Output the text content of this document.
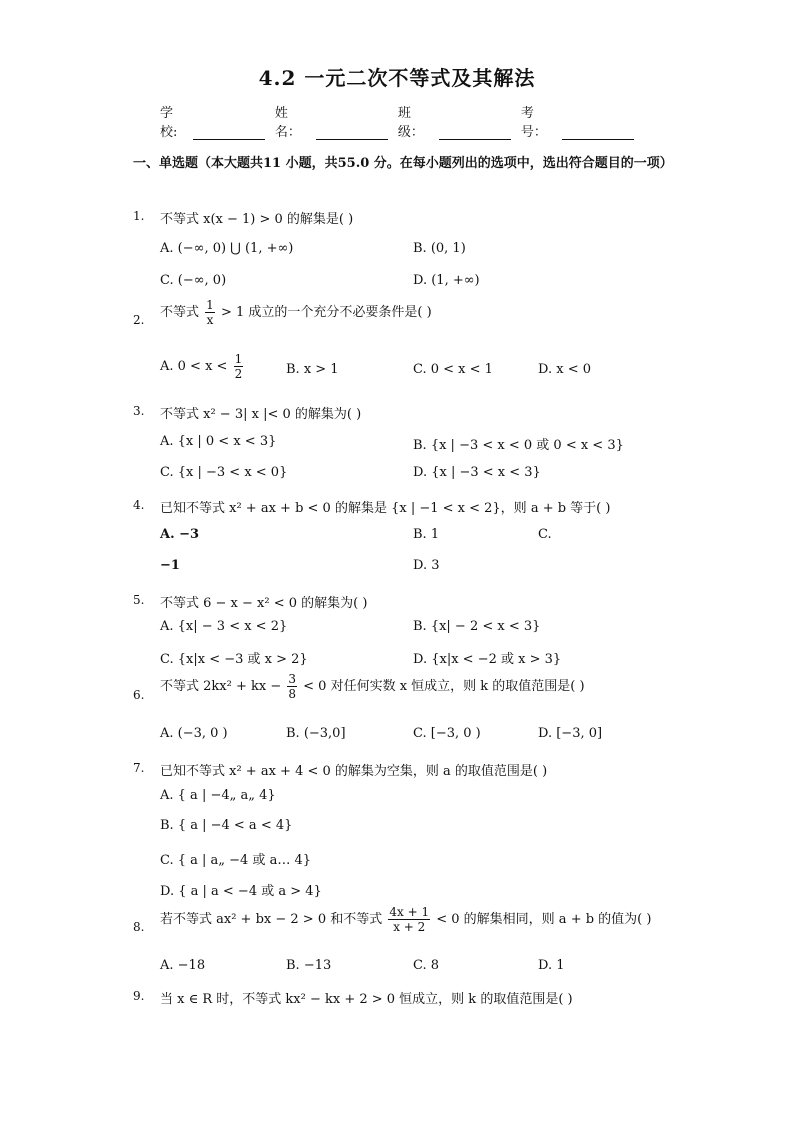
4.2 一元二次不等式及其解法
学校:
姓名：
班级：
考号：
一、单选题（本大题共11 小题，共55.0 分。在每小题列出的选项中，选出符合题目的一项）
1. 不等式 x(x − 1) > 0 的解集是( )
A. (−∞, 0) ⋃ (1, +∞)	B. (0, 1)
C. (−∞, 0)	D. (1, +∞)
2. 不等式 $\frac{1}{x} > 1$ 成立的一个充分不必要条件是( )
A. $0 < x < \frac{1}{2}$	B. x > 1	C. 0 < x < 1	D. x < 0
3. 不等式 x² − 3| x |< 0 的解集为( )
A. {x | 0 < x < 3}	B. {x | −3 < x < 0 或 0 < x < 3}
C. {x | −3 < x < 0}	D. {x | −3 < x < 3}
4. 已知不等式 x² + ax + b < 0 的解集是 {x | −1 < x < 2}，则 a + b 等于( )
A. −3	B. 1	C.
−1	D. 3
5. 不等式 6 − x − x² < 0 的解集为( )
A. {x| − 3 < x < 2}	B. {x| − 2 < x < 3}
C. {x|x < −3 或 x > 2}	D. {x|x < −2 或 x > 3}
6.
不等式 2kx² + kx − $\frac{3}{8} < 0$ 对任何实数 x 恒成立，则 k 的取值范围是( )
A. (−3, 0 )	B. (−3,0]	C. [−3, 0 )	D. [−3, 0]
7. 已知不等式 x² + ax + 4 < 0 的解集为空集，则 a 的取值范围是( )
A. { a | −4„ a„ 4}
B. { a | −4 < a < 4}
C. { a | a„ −4 或 a… 4}
D. { a | a < −4 或 a > 4}
8. 若不等式 ax² + bx − 2 > 0 和不等式 $\frac{4x + 1}{x + 2} < 0$ 的解集相同，则 a + b 的值为( )
A. −18	B. −13	C. 8	D. 1
9. 当 x ∈ R 时，不等式 kx² − kx + 2 > 0 恒成立，则 k 的取值范围是( )
